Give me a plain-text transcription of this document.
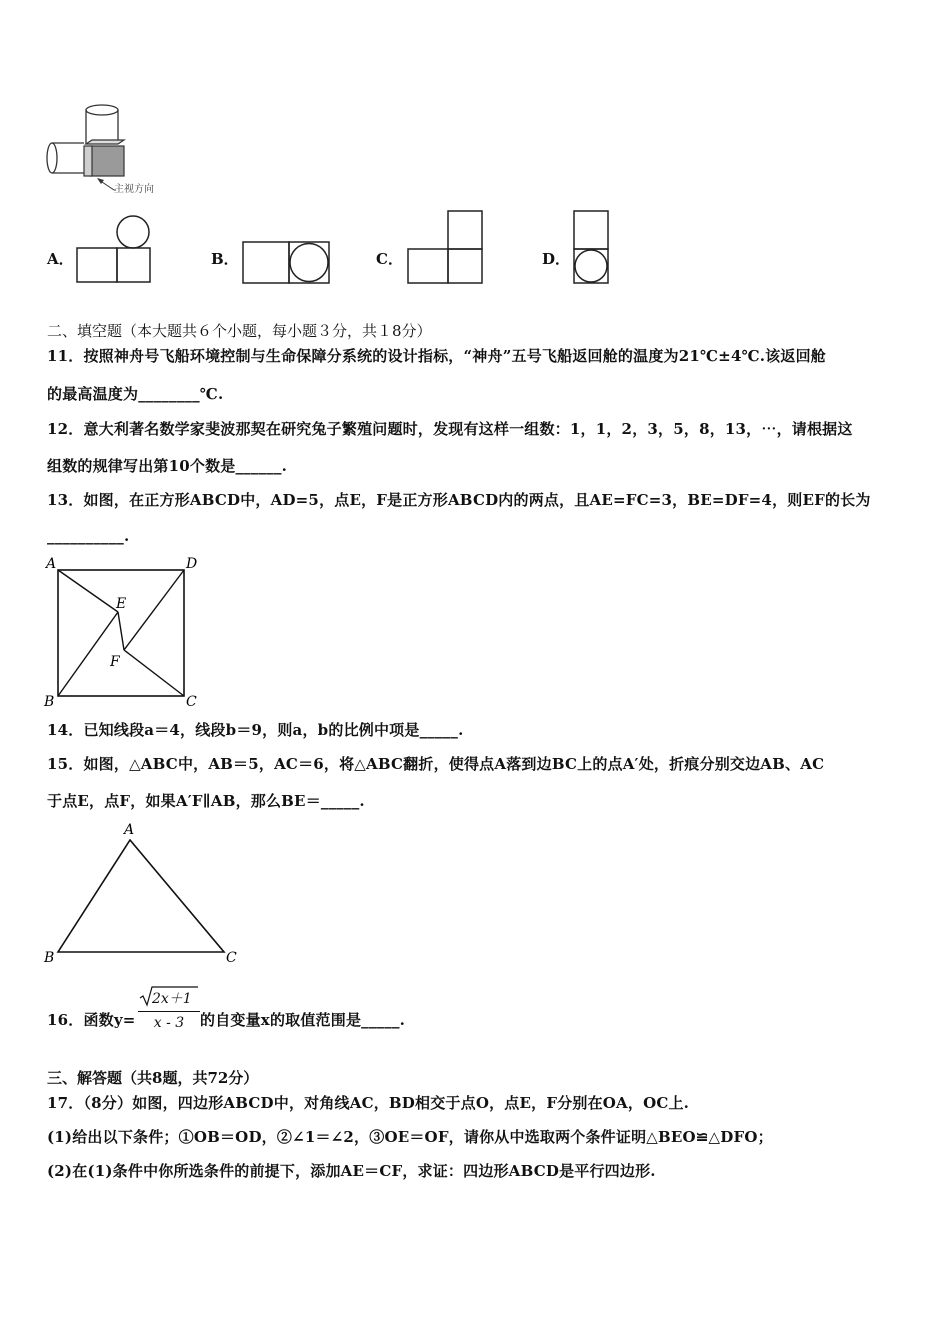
主视方向
A．	B．	C．	D．
二、填空题（本大题共６个小题，每小题３分，共１8分）
11．按照神舟号飞船环境控制与生命保障分系统的设计指标，“神舟”五号飞船返回舱的温度为21℃±4℃.该返回舱
的最高温度为________℃.
12．意大利著名数学家斐波那契在研究兔子繁殖问题时，发现有这样一组数：1，1，2，3，5，8，13，⋯，请根据这
组数的规律写出第10个数是______.
13．如图，在正方形ABCD中，AD=5，点E，F是正方形ABCD内的两点，且AE=FC=3，BE=DF=4，则EF的长为
__________.
A	D
E
F
B	C
14．已知线段a＝4，线段b＝9，则a，b的比例中项是_____.
15．如图，△ABC中，AB＝5，AC＝6，将△ABC翻折，使得点A落到边BC上的点A′处，折痕分别交边AB、AC
于点E，点F，如果A′F∥AB，那么BE＝_____.
A
B	C
16．函数y=
2x＋1
x - 3	的自变量x的取值范围是_____.
三、解答题（共8题，共72分）
17．（8分）如图，四边形ABCD中，对角线AC，BD相交于点O，点E，F分别在OA，OC上.
(1)给出以下条件；①OB＝OD，②∠1＝∠2，③OE＝OF，请你从中选取两个条件证明△BEO≌△DFO；
(2)在(1)条件中你所选条件的前提下，添加AE＝CF，求证：四边形ABCD是平行四边形.
